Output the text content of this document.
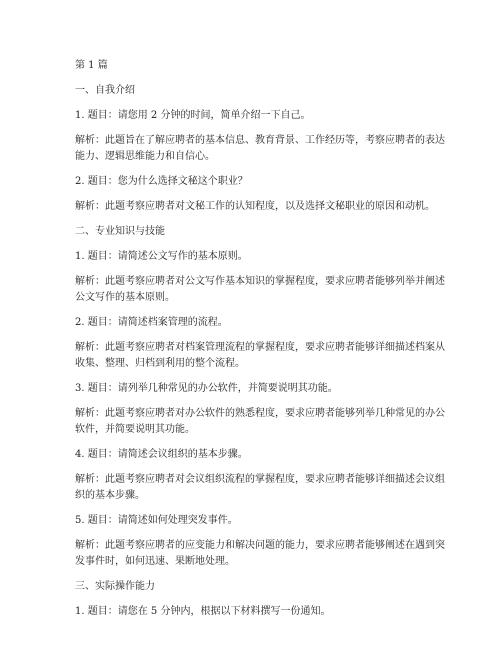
第 1 篇

一、自我介绍

1. 题目：请您用 2 分钟的时间，简单介绍一下自己。

解析：此题旨在了解应聘者的基本信息、教育背景、工作经历等，考察应聘者的表达能力、逻辑思维能力和自信心。

2. 题目：您为什么选择文秘这个职业？

解析：此题考察应聘者对文秘工作的认知程度，以及选择文秘职业的原因和动机。

二、专业知识与技能

1. 题目：请简述公文写作的基本原则。

解析：此题考察应聘者对公文写作基本知识的掌握程度，要求应聘者能够列举并阐述公文写作的基本原则。

2. 题目：请简述档案管理的流程。

解析：此题考察应聘者对档案管理流程的掌握程度，要求应聘者能够详细描述档案从收集、整理、归档到利用的整个流程。

3. 题目：请列举几种常见的办公软件，并简要说明其功能。

解析：此题考察应聘者对办公软件的熟悉程度，要求应聘者能够列举几种常见的办公软件，并简要说明其功能。

4. 题目：请简述会议组织的基本步骤。

解析：此题考察应聘者对会议组织流程的掌握程度，要求应聘者能够详细描述会议组织的基本步骤。

5. 题目：请简述如何处理突发事件。

解析：此题考察应聘者的应变能力和解决问题的能力，要求应聘者能够阐述在遇到突发事件时，如何迅速、果断地处理。

三、实际操作能力

1. 题目：请您在 5 分钟内，根据以下材料撰写一份通知。
